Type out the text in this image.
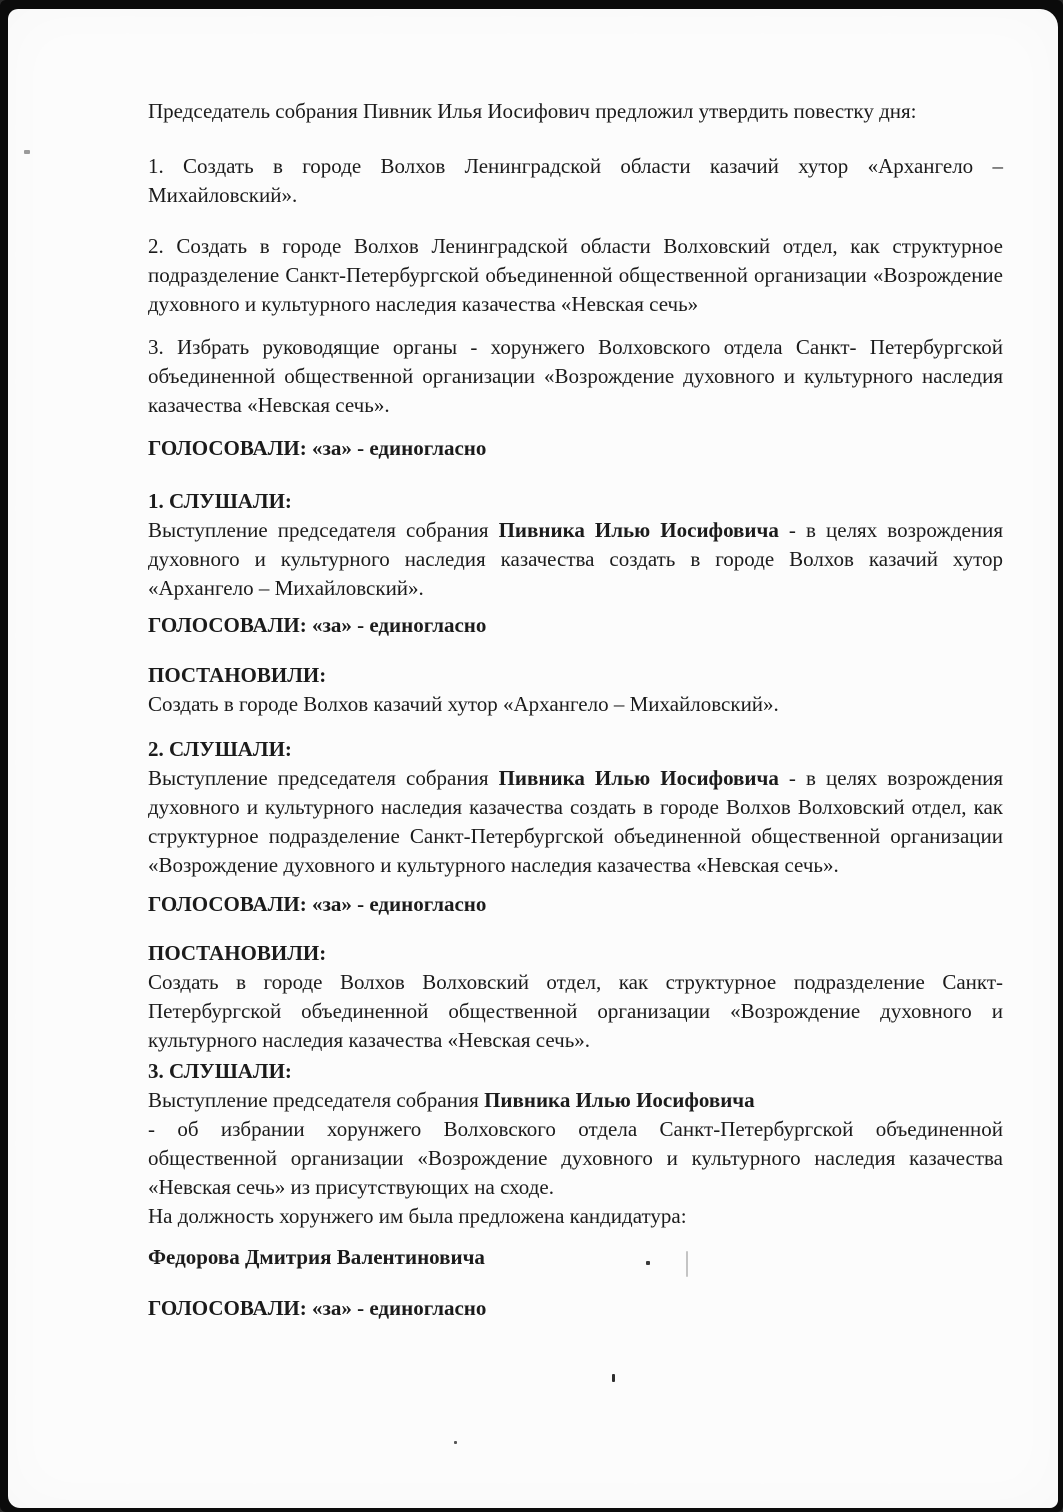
Председатель собрания Пивник Илья Иосифович предложил утвердить повестку дня:

1. Создать в городе Волхов Ленинградской области казачий хутор «Архангело – Михайловский».

2. Создать в городе Волхов Ленинградской области Волховский отдел, как структурное подразделение Санкт-Петербургской объединенной общественной организации «Возрождение духовного и культурного наследия казачества «Невская сечь»

3. Избрать руководящие органы - хорунжего Волховского отдела Санкт- Петербургской объединенной общественной организации «Возрождение духовного и культурного наследия казачества «Невская сечь».

ГОЛОСОВАЛИ: «за» - единогласно

1. СЛУШАЛИ:

Выступление председателя собрания Пивника Илью Иосифовича - в целях возрождения духовного и культурного наследия казачества создать в городе Волхов казачий хутор «Архангело – Михайловский».

ГОЛОСОВАЛИ: «за» - единогласно

ПОСТАНОВИЛИ:

Создать в городе Волхов казачий хутор «Архангело – Михайловский».

2. СЛУШАЛИ:

Выступление председателя собрания Пивника Илью Иосифовича - в целях возрождения духовного и культурного наследия казачества создать в городе Волхов Волховский отдел, как структурное подразделение Санкт-Петербургской объединенной общественной организации «Возрождение духовного и культурного наследия казачества «Невская сечь».

ГОЛОСОВАЛИ: «за» - единогласно

ПОСТАНОВИЛИ:

Создать в городе Волхов Волховский отдел, как структурное подразделение Санкт-Петербургской объединенной общественной организации «Возрождение духовного и культурного наследия казачества «Невская сечь».

3. СЛУШАЛИ:

Выступление председателя собрания Пивника Илью Иосифовича

- об избрании хорунжего Волховского отдела Санкт-Петербургской объединенной общественной организации «Возрождение духовного и культурного наследия казачества «Невская сечь» из присутствующих на сходе.

На должность хорунжего им была предложена кандидатура:

Федорова Дмитрия Валентиновича

ГОЛОСОВАЛИ: «за» - единогласно
